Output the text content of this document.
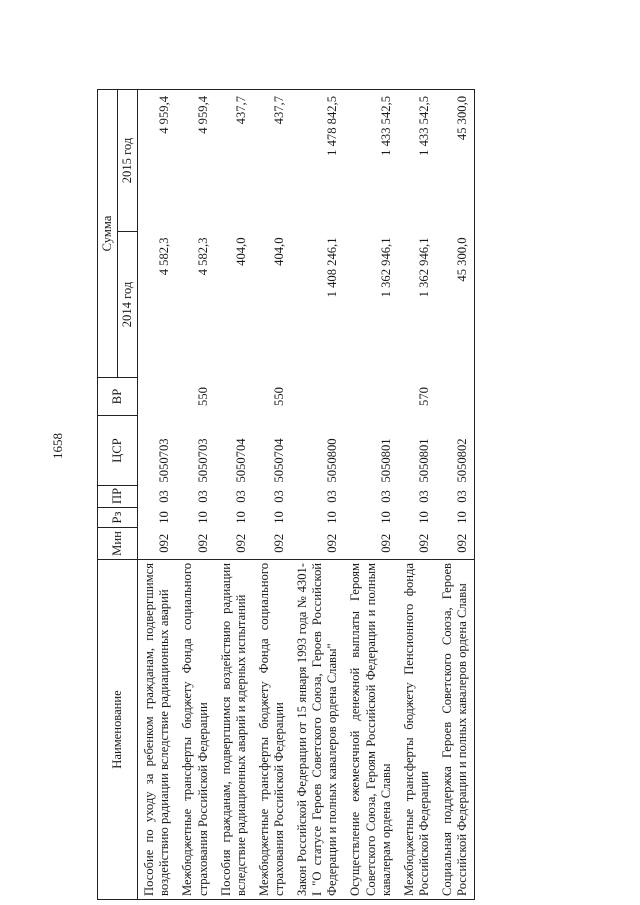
1658
Наименование	Мин	Рз	ПР	ЦСР	ВР	Сумма	
						2014 год	2015 год
Пособие по уходу за ребенком гражданам, подвергшимся воздействию радиации вследствие радиационных аварий	092	10	03	5050703		4 582,3	4 959,4
Межбюджетные трансферты бюджету Фонда социального страхования Российской Федерации	092	10	03	5050703	550	4 582,3	4 959,4
Пособия гражданам, подвергшимся воздействию радиации вследствие радиационных аварий и ядерных испытаний	092	10	03	5050704		404,0	437,7
Межбюджетные трансферты бюджету Фонда социального страхования Российской Федерации	092	10	03	5050704	550	404,0	437,7
Закон Российской Федерации от 15 января 1993 года № 4301-I "О статусе Героев Советского Союза, Героев Российской Федерации и полных кавалеров ордена Славы"	092	10	03	5050800		1 408 246,1	1 478 842,5
Осуществление ежемесячной денежной выплаты Героям Советского Союза, Героям Российской Федерации и полным кавалерам ордена Славы	092	10	03	5050801		1 362 946,1	1 433 542,5
Межбюджетные трансферты бюджету Пенсионного фонда Российской Федерации	092	10	03	5050801	570	1 362 946,1	1 433 542,5
Социальная поддержка Героев Советского Союза, Героев Российской Федерации и полных кавалеров ордена Славы	092	10	03	5050802		45 300,0	45 300,0
